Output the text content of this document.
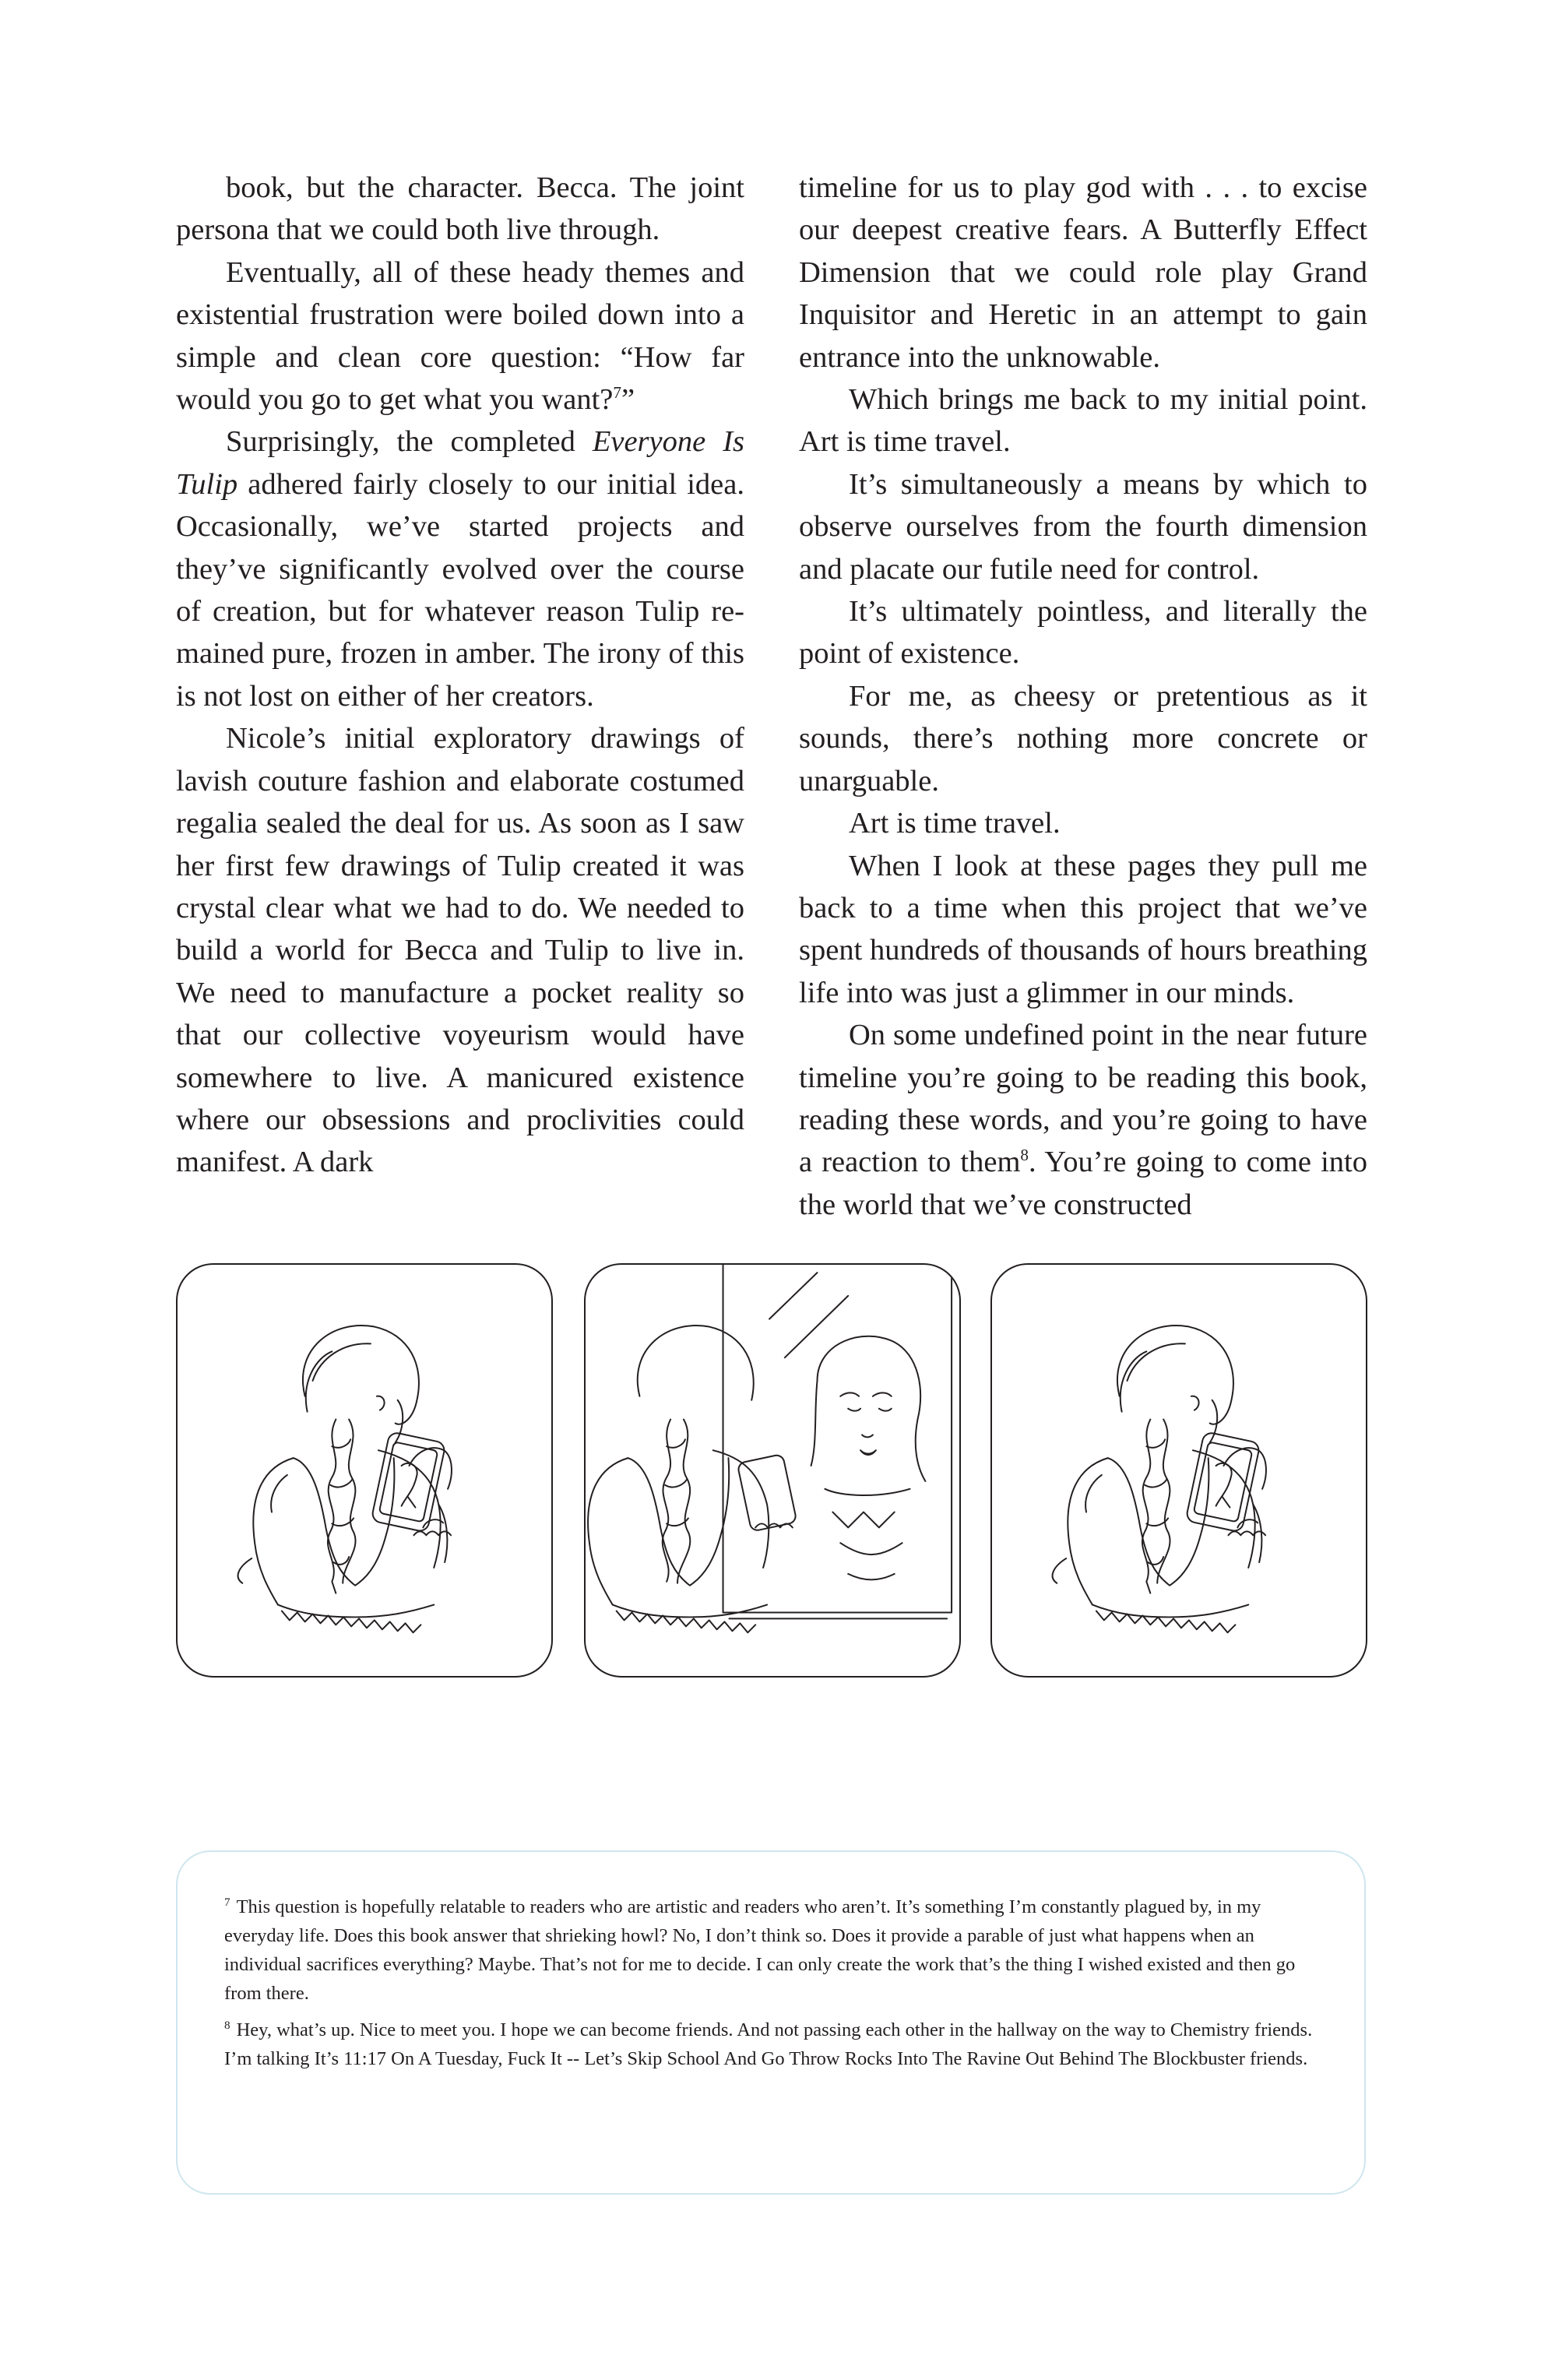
book, but the character. Becca. The joint persona that we could both live through.

Eventually, all of these heady themes and existential frustration were boiled down into a simple and clean core question: “How far would you go to get what you want?$^7$”

Surprisingly, the completed Everyone Is Tulip adhered fairly closely to our initial idea. Occasionally, we’ve started projects and they’ve significantly evolved over the course of creation, but for whatever reason Tulip remained pure, frozen in amber. The irony of this is not lost on either of her creators.

Nicole’s initial exploratory drawings of lavish couture fashion and elaborate costumed regalia sealed the deal for us. As soon as I saw her first few drawings of Tulip created it was crystal clear what we had to do. We needed to build a world for Becca and Tulip to live in. We need to manufacture a pocket reality so that our collective voyeurism would have somewhere to live. A manicured existence where our obsessions and proclivities could manifest. A dark

timeline for us to play god with . . . to excise our deepest creative fears. A Butterfly Effect Dimension that we could role play Grand Inquisitor and Heretic in an attempt to gain entrance into the unknowable.

Which brings me back to my initial point. Art is time travel.

It’s simultaneously a means by which to observe ourselves from the fourth dimension and placate our futile need for control.

It’s ultimately pointless, and literally the point of existence.

For me, as cheesy or pretentious as it sounds, there’s nothing more concrete or unarguable.

Art is time travel.

When I look at these pages they pull me back to a time when this project that we’ve spent hundreds of thousands of hours breathing life into was just a glimmer in our minds.

On some undefined point in the near future timeline you’re going to be reading this book, reading these words, and you’re going to have a reaction to them$^8$. You’re going to come into the world that we’ve constructed

$^7$ This question is hopefully relatable to readers who are artistic and readers who aren’t. It’s something I’m constantly plagued by, in my everyday life. Does this book answer that shrieking howl? No, I don’t think so. Does it provide a parable of just what happens when an individual sacrifices everything? Maybe. That’s not for me to decide. I can only create the work that’s the thing I wished existed and then go from there.

$^8$ Hey, what’s up. Nice to meet you. I hope we can become friends. And not passing each other in the hallway on the way to Chemistry friends. I’m talking It’s 11:17 On A Tuesday, Fuck It -- Let’s Skip School And Go Throw Rocks Into The Ravine Out Behind The Blockbuster friends.
